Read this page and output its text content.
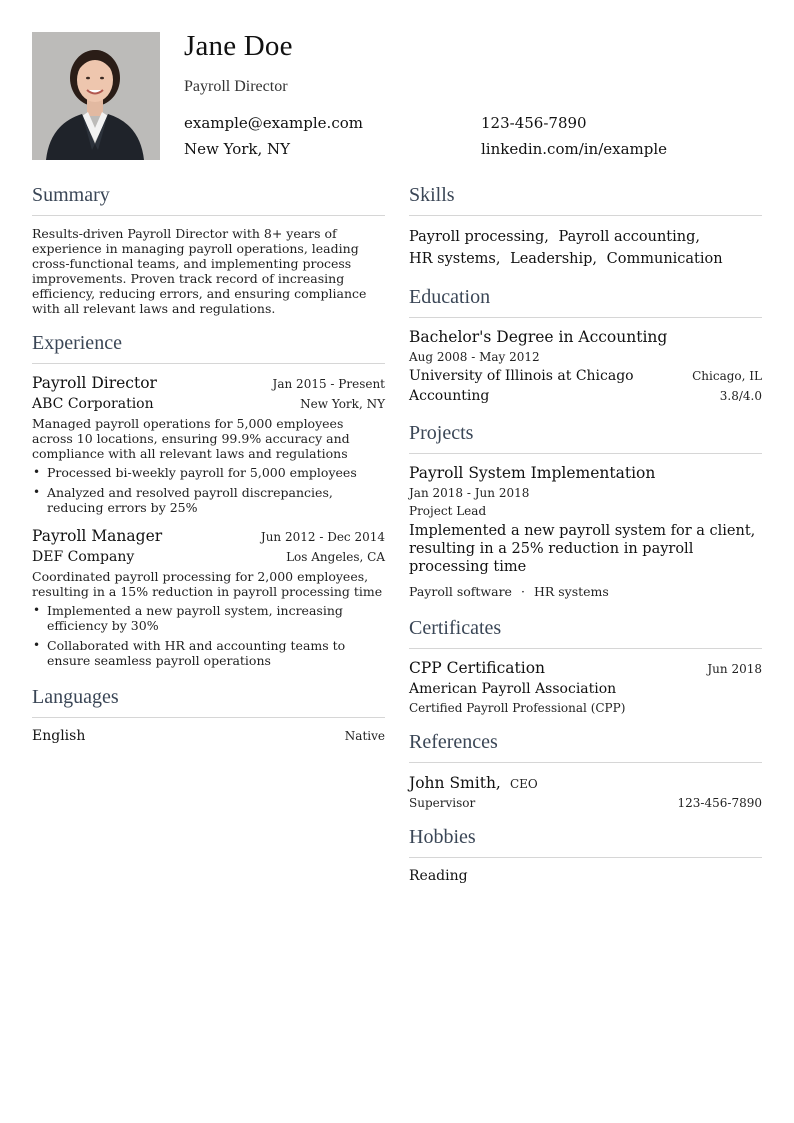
Jane Doe
Payroll Director
example@example.com	123-456-7890
New York, NY	linkedin.com/in/example
Summary
Results-driven Payroll Director with 8+ years of experience in managing payroll operations, leading cross-functional teams, and implementing process improvements. Proven track record of increasing efficiency, reducing errors, and ensuring compliance with all relevant laws and regulations.
Experience
Payroll Director	Jan 2015 - Present
ABC Corporation	New York, NY
Managed payroll operations for 5,000 employees across 10 locations, ensuring 99.9% accuracy and compliance with all relevant laws and regulations
• Processed bi-weekly payroll for 5,000 employees
• Analyzed and resolved payroll discrepancies, reducing errors by 25%
Payroll Manager	Jun 2012 - Dec 2014
DEF Company	Los Angeles, CA
Coordinated payroll processing for 2,000 employees, resulting in a 15% reduction in payroll processing time
• Implemented a new payroll system, increasing efficiency by 30%
• Collaborated with HR and accounting teams to ensure seamless payroll operations
Languages
English	Native
Skills
Payroll processing, Payroll accounting, HR systems, Leadership, Communication
Education
Bachelor's Degree in Accounting
Aug 2008 - May 2012
University of Illinois at Chicago	Chicago, IL
Accounting	3.8/4.0
Projects
Payroll System Implementation
Jan 2018 - Jun 2018
Project Lead
Implemented a new payroll system for a client, resulting in a 25% reduction in payroll processing time
Payroll software · HR systems
Certificates
CPP Certification	Jun 2018
American Payroll Association
Certified Payroll Professional (CPP)
References
John Smith, CEO
Supervisor	123-456-7890
Hobbies
Reading
